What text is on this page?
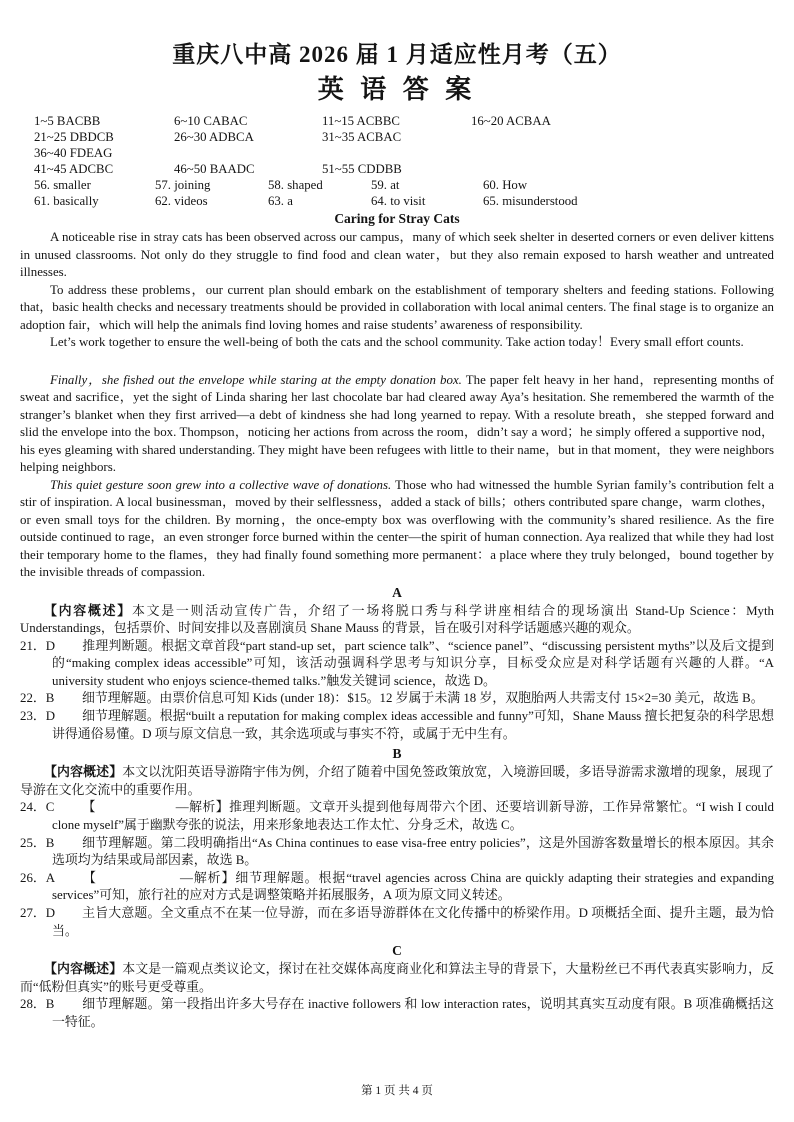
重庆八中高 2026 届 1 月适应性月考（五）
英 语 答 案
1~5 BACBB	6~10 CABAC	11~15 ACBBC	16~20 ACBAA
21~25 DBDCB	26~30 ADBCA	31~35 ACBAC
36~40 FDEAG
41~45 ADCBC	46~50 BAADC	51~55 CDDBB
56. smaller	57. joining	58. shaped	59. at	60. How
61. basically	62. videos	63. a	64. to visit	65. misunderstood
Caring for Stray Cats

A noticeable rise in stray cats has been observed across our campus，many of which seek shelter in deserted corners or even deliver kittens in unused classrooms. Not only do they struggle to find food and clean water，but they also remain exposed to harsh weather and untreated illnesses.

To address these problems，our current plan should embark on the establishment of temporary shelters and feeding stations. Following that，basic health checks and necessary treatments should be provided in collaboration with local animal centers. The final stage is to organize an adoption fair，which will help the animals find loving homes and raise students’ awareness of responsibility.

Let’s work together to ensure the well-being of both the cats and the school community. Take action today！Every small effort counts.

Finally，she fished out the envelope while staring at the empty donation box. The paper felt heavy in her hand，representing months of sweat and sacrifice，yet the sight of Linda sharing her last chocolate bar had cleared away Aya’s hesitation. She remembered the warmth of the stranger’s blanket when they first arrived—a debt of kindness she had long yearned to repay. With a resolute breath，she stepped forward and slid the envelope into the box. Thompson，noticing her actions from across the room，didn’t say a word；he simply offered a supportive nod，his eyes gleaming with shared understanding. They might have been refugees with little to their name，but in that moment，they were neighbors helping neighbors.

This quiet gesture soon grew into a collective wave of donations. Those who had witnessed the humble Syrian family’s contribution felt a stir of inspiration. A local businessman，moved by their selflessness，added a stack of bills；others contributed spare change，warm clothes，or even small toys for the children. By morning，the once-empty box was overflowing with the community’s shared resilience. As the fire outside continued to rage，an even stronger force burned within the center—the spirit of human connection. Aya realized that while they had lost their temporary home to the flames，they had finally found something more permanent：a place where they truly belonged，bound together by the invisible threads of compassion.

A

【内容概述】本文是一则活动宣传广告，介绍了一场将脱口秀与科学讲座相结合的现场演出 Stand-Up Science：Myth Understandings，包括票价、时间安排以及喜剧演员 Shane Mauss 的背景，旨在吸引对科学话题感兴趣的观众。

21．D 推理判断题。根据文章首段“part stand-up set，part science talk”、“science panel”、“discussing persistent myths”以及后文提到的“making complex ideas accessible”可知，该活动强调科学思考与知识分享，目标受众应是对科学话题有兴趣的人群。“A university student who enjoys science-themed talks.”触发关键词 science，故选 D。
22．B 细节理解题。由票价信息可知 Kids (under 18)：$15。12 岁属于未满 18 岁，双胞胎两人共需支付 15×2=30 美元，故选 B。
23．D 细节理解题。根据“built a reputation for making complex ideas accessible and funny”可知，Shane Mauss 擅长把复杂的科学思想讲得通俗易懂。D 项与原文信息一致，其余选项或与事实不符，或属于无中生有。
B

【内容概述】本文以沈阳英语导游隋宇伟为例，介绍了随着中国免签政策放宽，入境游回暖，多语导游需求激增的现象，展现了导游在文化交流中的重要作用。

24．C 【　　　　　　—解析】推理判断题。文章开头提到他每周带六个团、还要培训新导游，工作异常繁忙。“I wish I could clone myself”属于幽默夸张的说法，用来形象地表达工作太忙、分身乏术，故选 C。
25．B 细节理解题。第二段明确指出“As China continues to ease visa-free entry policies”，这是外国游客数量增长的根本原因。其余选项均为结果或局部因素，故选 B。
26．A 【　　　　　　—解析】细节理解题。根据“travel agencies across China are quickly adapting their strategies and expanding services”可知，旅行社的应对方式是调整策略并拓展服务，A 项为原文同义转述。
27．D 主旨大意题。全文重点不在某一位导游，而在多语导游群体在文化传播中的桥梁作用。D 项概括全面、提升主题，最为恰当。
C

【内容概述】本文是一篇观点类议论文，探讨在社交媒体高度商业化和算法主导的背景下，大量粉丝已不再代表真实影响力，反而“低粉但真实”的账号更受尊重。

28．B 细节理解题。第一段指出许多大号存在 inactive followers 和 low interaction rates，说明其真实互动度有限。B 项准确概括这一特征。
第 1 页 共 4 页
